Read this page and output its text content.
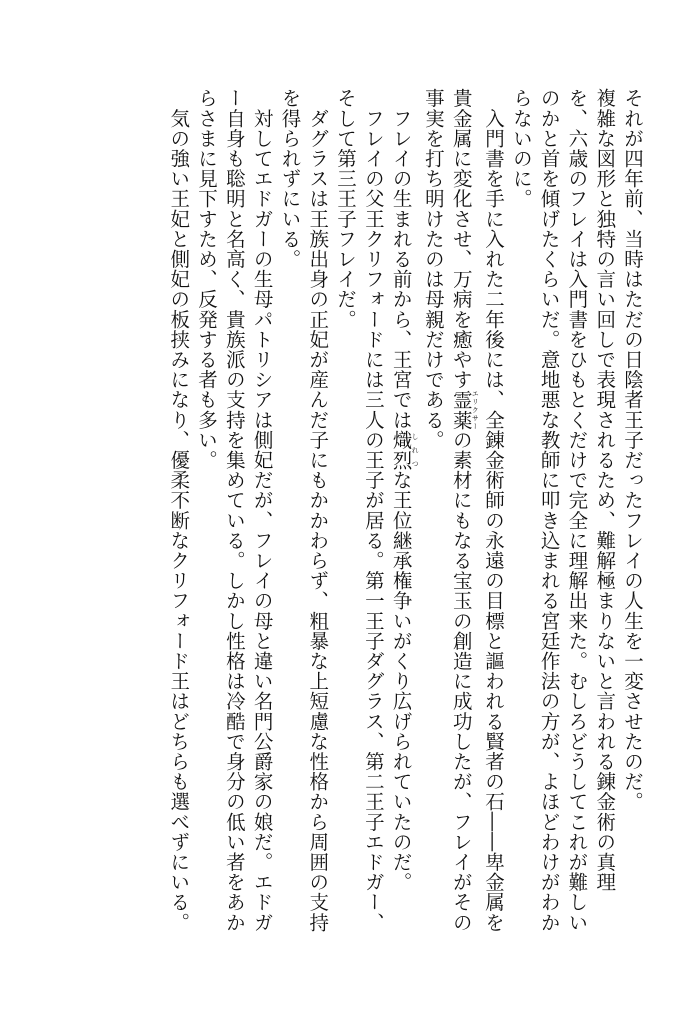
それが四年前、当時はただの日陰者王子だったフレイの人生を一変させたのだ。
複雑な図形と独特の言い回しで表現されるため、難解極まりないと言われる錬金術の真理
を、六歳のフレイは入門書をひもとくだけで完全に理解出来た。むしろどうしてこれが難しい
のかと首を傾げたくらいだ。意地悪な教師に叩き込まれる宮廷作法の方が、よほどわけがわか
らないのに。
　入門書を手に入れた二年後には、全錬金術師の永遠の目標と謳われる賢者の石――卑金属を
貴金属に変化させ、万病を癒やす霊薬エリクサーの素材にもなる宝玉の創造に成功したが、フレイがその
事実を打ち明けたのは母親だけである。
　フレイの生まれる前から、王宮では熾烈しれつな王位継承権争いがくり広げられていたのだ。
　フレイの父王クリフォードには三人の王子が居る。第一王子ダグラス、第二王子エドガー、
そして第三王子フレイだ。
　ダグラスは王族出身の正妃が産んだ子にもかかわらず、粗暴な上短慮な性格から周囲の支持
を得られずにいる。
　対してエドガーの生母パトリシアは側妃だが、フレイの母と違い名門公爵家の娘だ。エドガ
ー自身も聡明と名高く、貴族派の支持を集めている。しかし性格は冷酷で身分の低い者をあか
らさまに見下すため、反発する者も多い。
　気の強い王妃と側妃の板挟みになり、優柔不断なクリフォード王はどちらも選べずにいる。
